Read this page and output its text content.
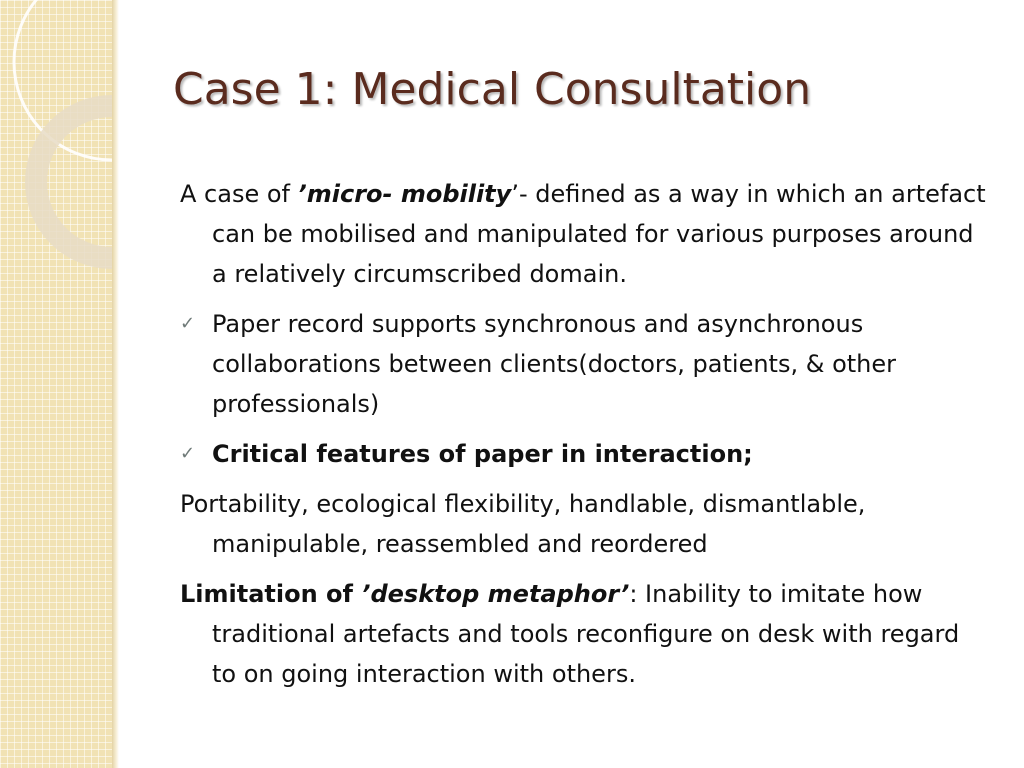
Case 1: Medical Consultation

A case of ’micro- mobility’- defined as a way in which an artefact can be mobilised and manipulated for various purposes around a relatively circumscribed domain.

✓ Paper record supports synchronous and asynchronous collaborations between clients(doctors, patients, & other professionals)
✓ Critical features of paper in interaction;

Portability, ecological flexibility, handlable, dismantlable, manipulable, reassembled and reordered

Limitation of ’desktop metaphor’: Inability to imitate how traditional artefacts and tools reconfigure on desk with regard to on going interaction with others.
